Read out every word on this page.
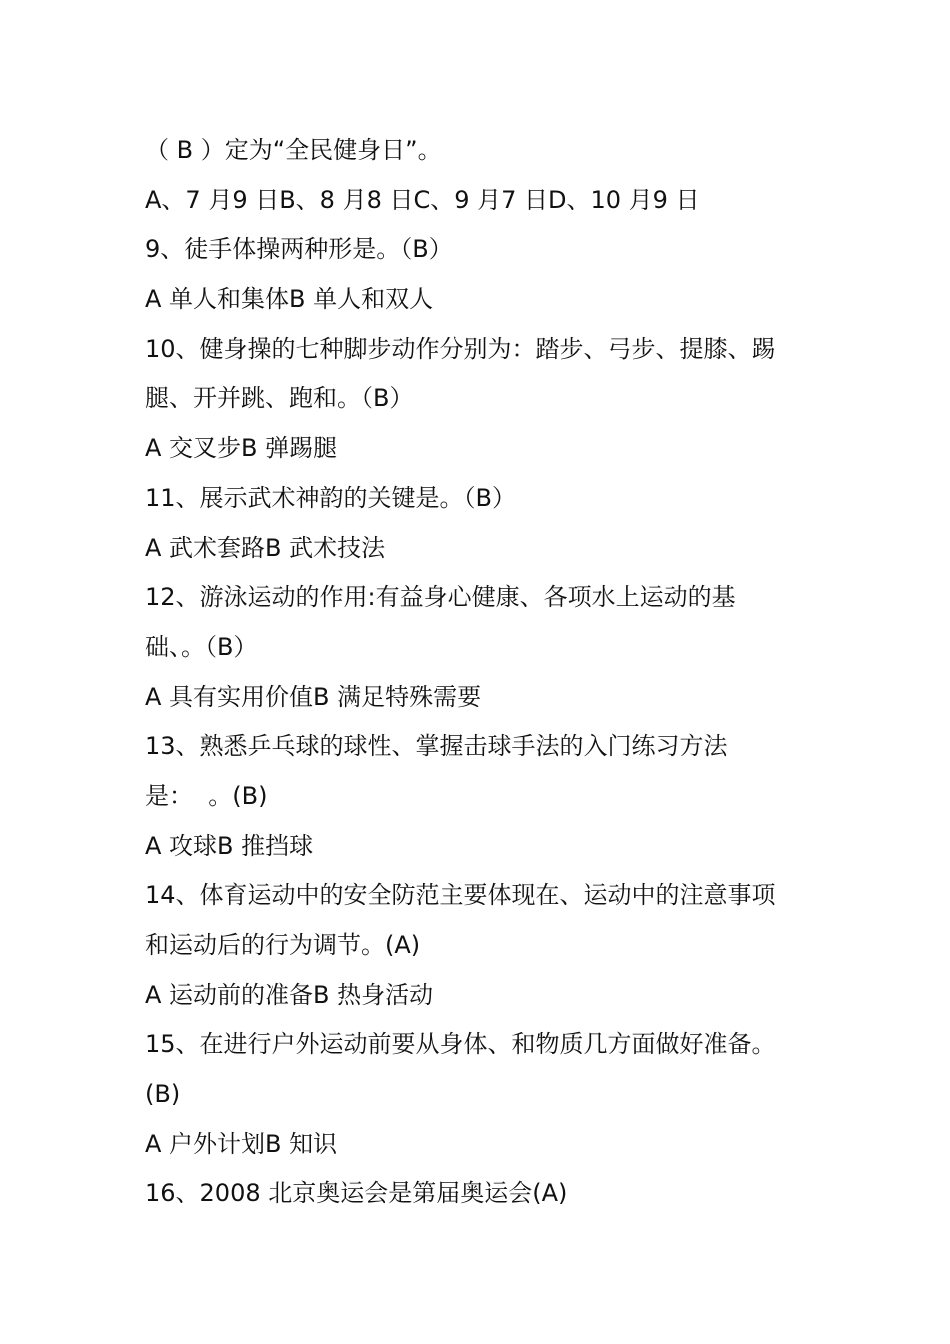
（ B ）定为“全民健身日”。

A、7 月9 日B、8 月8 日C、9 月7 日D、10 月9 日

9、徒手体操两种形是。（B）

A 单人和集体B 单人和双人

10、健身操的七种脚步动作分别为：踏步、弓步、提膝、踢

腿、开并跳、跑和。（B）

A 交叉步B 弹踢腿

11、展示武术神韵的关键是。（B）

A 武术套路B 武术技法

12、游泳运动的作用:有益身心健康、各项水上运动的基

础、。（B）

A 具有实用价值B 满足特殊需要

13、熟悉乒乓球的球性、掌握击球手法的入门练习方法

是：  。(B)

A 攻球B 推挡球

14、体育运动中的安全防范主要体现在、运动中的注意事项

和运动后的行为调节。(A)

A 运动前的准备B 热身活动

15、在进行户外运动前要从身体、和物质几方面做好准备。

(B)

A 户外计划B 知识

16、2008 北京奥运会是第届奥运会(A)
